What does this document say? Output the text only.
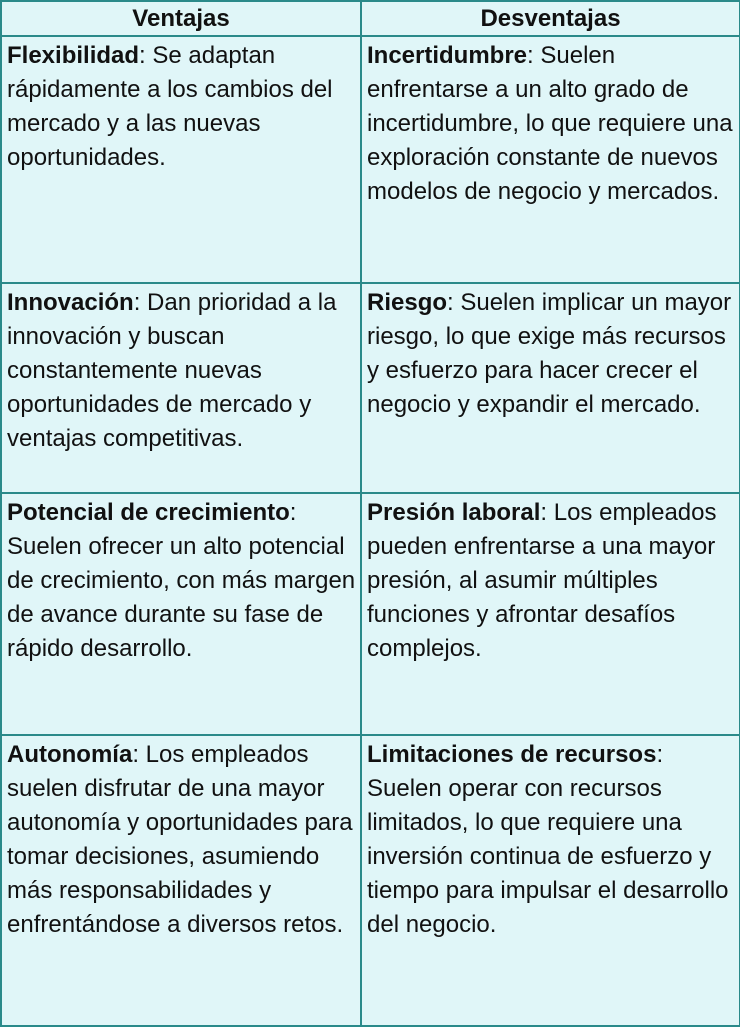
Ventajas	Desventajas
Flexibilidad: Se adaptan rápidamente a los cambios del mercado y a las nuevas oportunidades.	Incertidumbre: Suelen enfrentarse a un alto grado de incertidumbre, lo que requiere una exploración constante de nuevos modelos de negocio y mercados.
Innovación: Dan prioridad a la innovación y buscan constantemente nuevas oportunidades de mercado y ventajas competitivas.	Riesgo: Suelen implicar un mayor riesgo, lo que exige más recursos y esfuerzo para hacer crecer el negocio y expandir el mercado.
Potencial de crecimiento: Suelen ofrecer un alto potencial de crecimiento, con más margen de avance durante su fase de rápido desarrollo.	Presión laboral: Los empleados pueden enfrentarse a una mayor presión, al asumir múltiples funciones y afrontar desafíos complejos.
Autonomía: Los empleados suelen disfrutar de una mayor autonomía y oportunidades para tomar decisiones, asumiendo más responsabilidades y enfrentándose a diversos retos.	Limitaciones de recursos: Suelen operar con recursos limitados, lo que requiere una inversión continua de esfuerzo y tiempo para impulsar el desarrollo del negocio.
